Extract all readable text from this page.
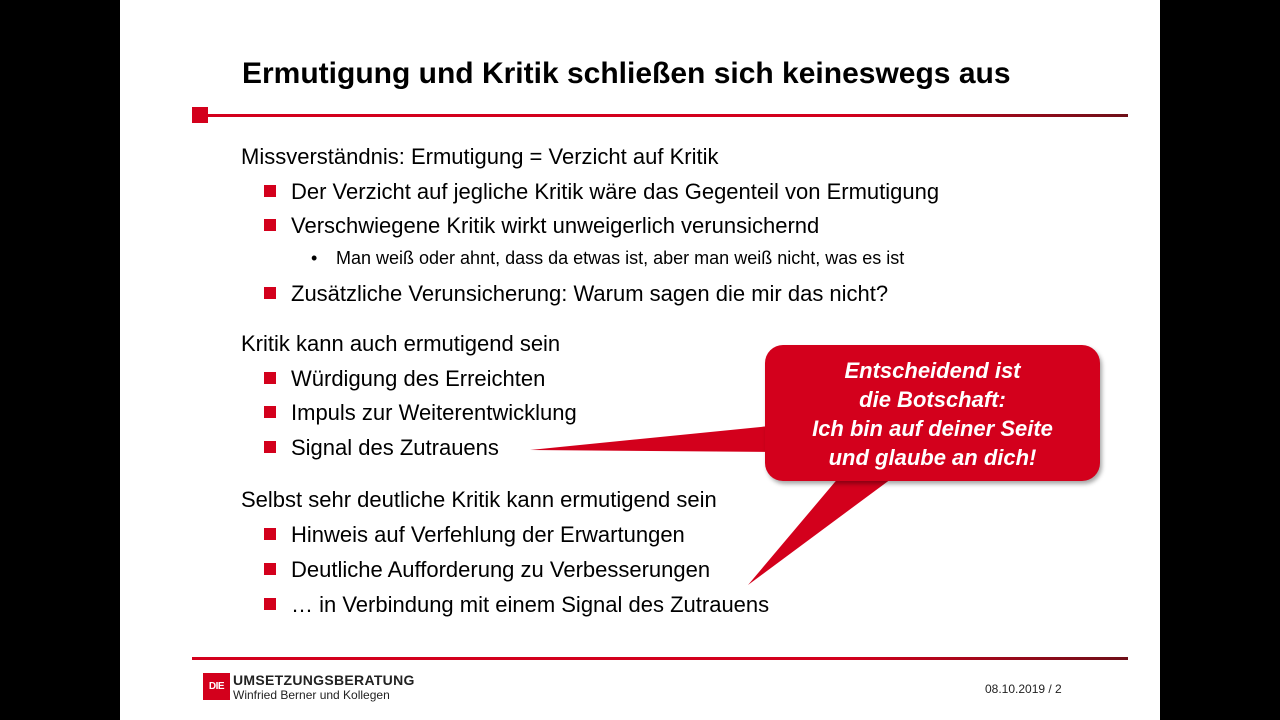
Ermutigung und Kritik schließen sich keineswegs aus
Missverständnis: Ermutigung = Verzicht auf Kritik
Der Verzicht auf jegliche Kritik wäre das Gegenteil von Ermutigung
Verschwiegene Kritik wirkt unweigerlich verunsichernd
• Man weiß oder ahnt, dass da etwas ist, aber man weiß nicht, was es ist
Zusätzliche Verunsicherung: Warum sagen die mir das nicht?
Kritik kann auch ermutigend sein
Würdigung des Erreichten
Impuls zur Weiterentwicklung
Signal des Zutrauens
Selbst sehr deutliche Kritik kann ermutigend sein
Hinweis auf Verfehlung der Erwartungen
Deutliche Aufforderung zu Verbesserungen
… in Verbindung mit einem Signal des Zutrauens
Entscheidend ist
die Botschaft:
Ich bin auf deiner Seite
und glaube an dich!
DIE UMSETZUNGSBERATUNG
Winfried Berner und Kollegen	08.10.2019 / 2
